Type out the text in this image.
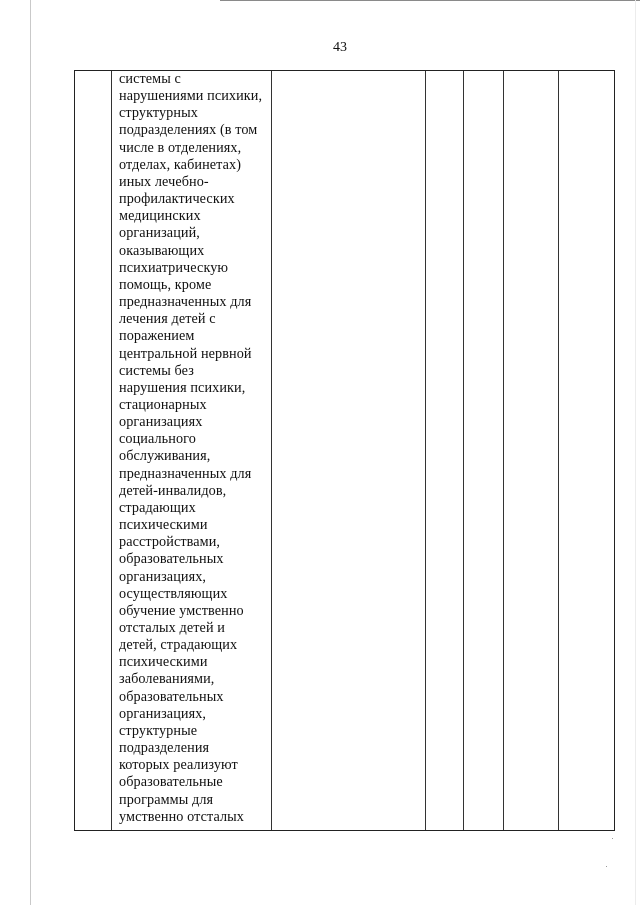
43
системы с
нарушениями психики,
структурных
подразделениях (в том
числе в отделениях,
отделах, кабинетах)
иных лечебно-
профилактических
медицинских
организаций,
оказывающих
психиатрическую
помощь, кроме
предназначенных для
лечения детей с
поражением
центральной нервной
системы без
нарушения психики,
стационарных
организациях
социального
обслуживания,
предназначенных для
детей-инвалидов,
страдающих
психическими
расстройствами,
образовательных
организациях,
осуществляющих
обучение умственно
отсталых детей и
детей, страдающих
психическими
заболеваниями,
образовательных
организациях,
структурные
подразделения
которых реализуют
образовательные
программы для
умственно отсталых
